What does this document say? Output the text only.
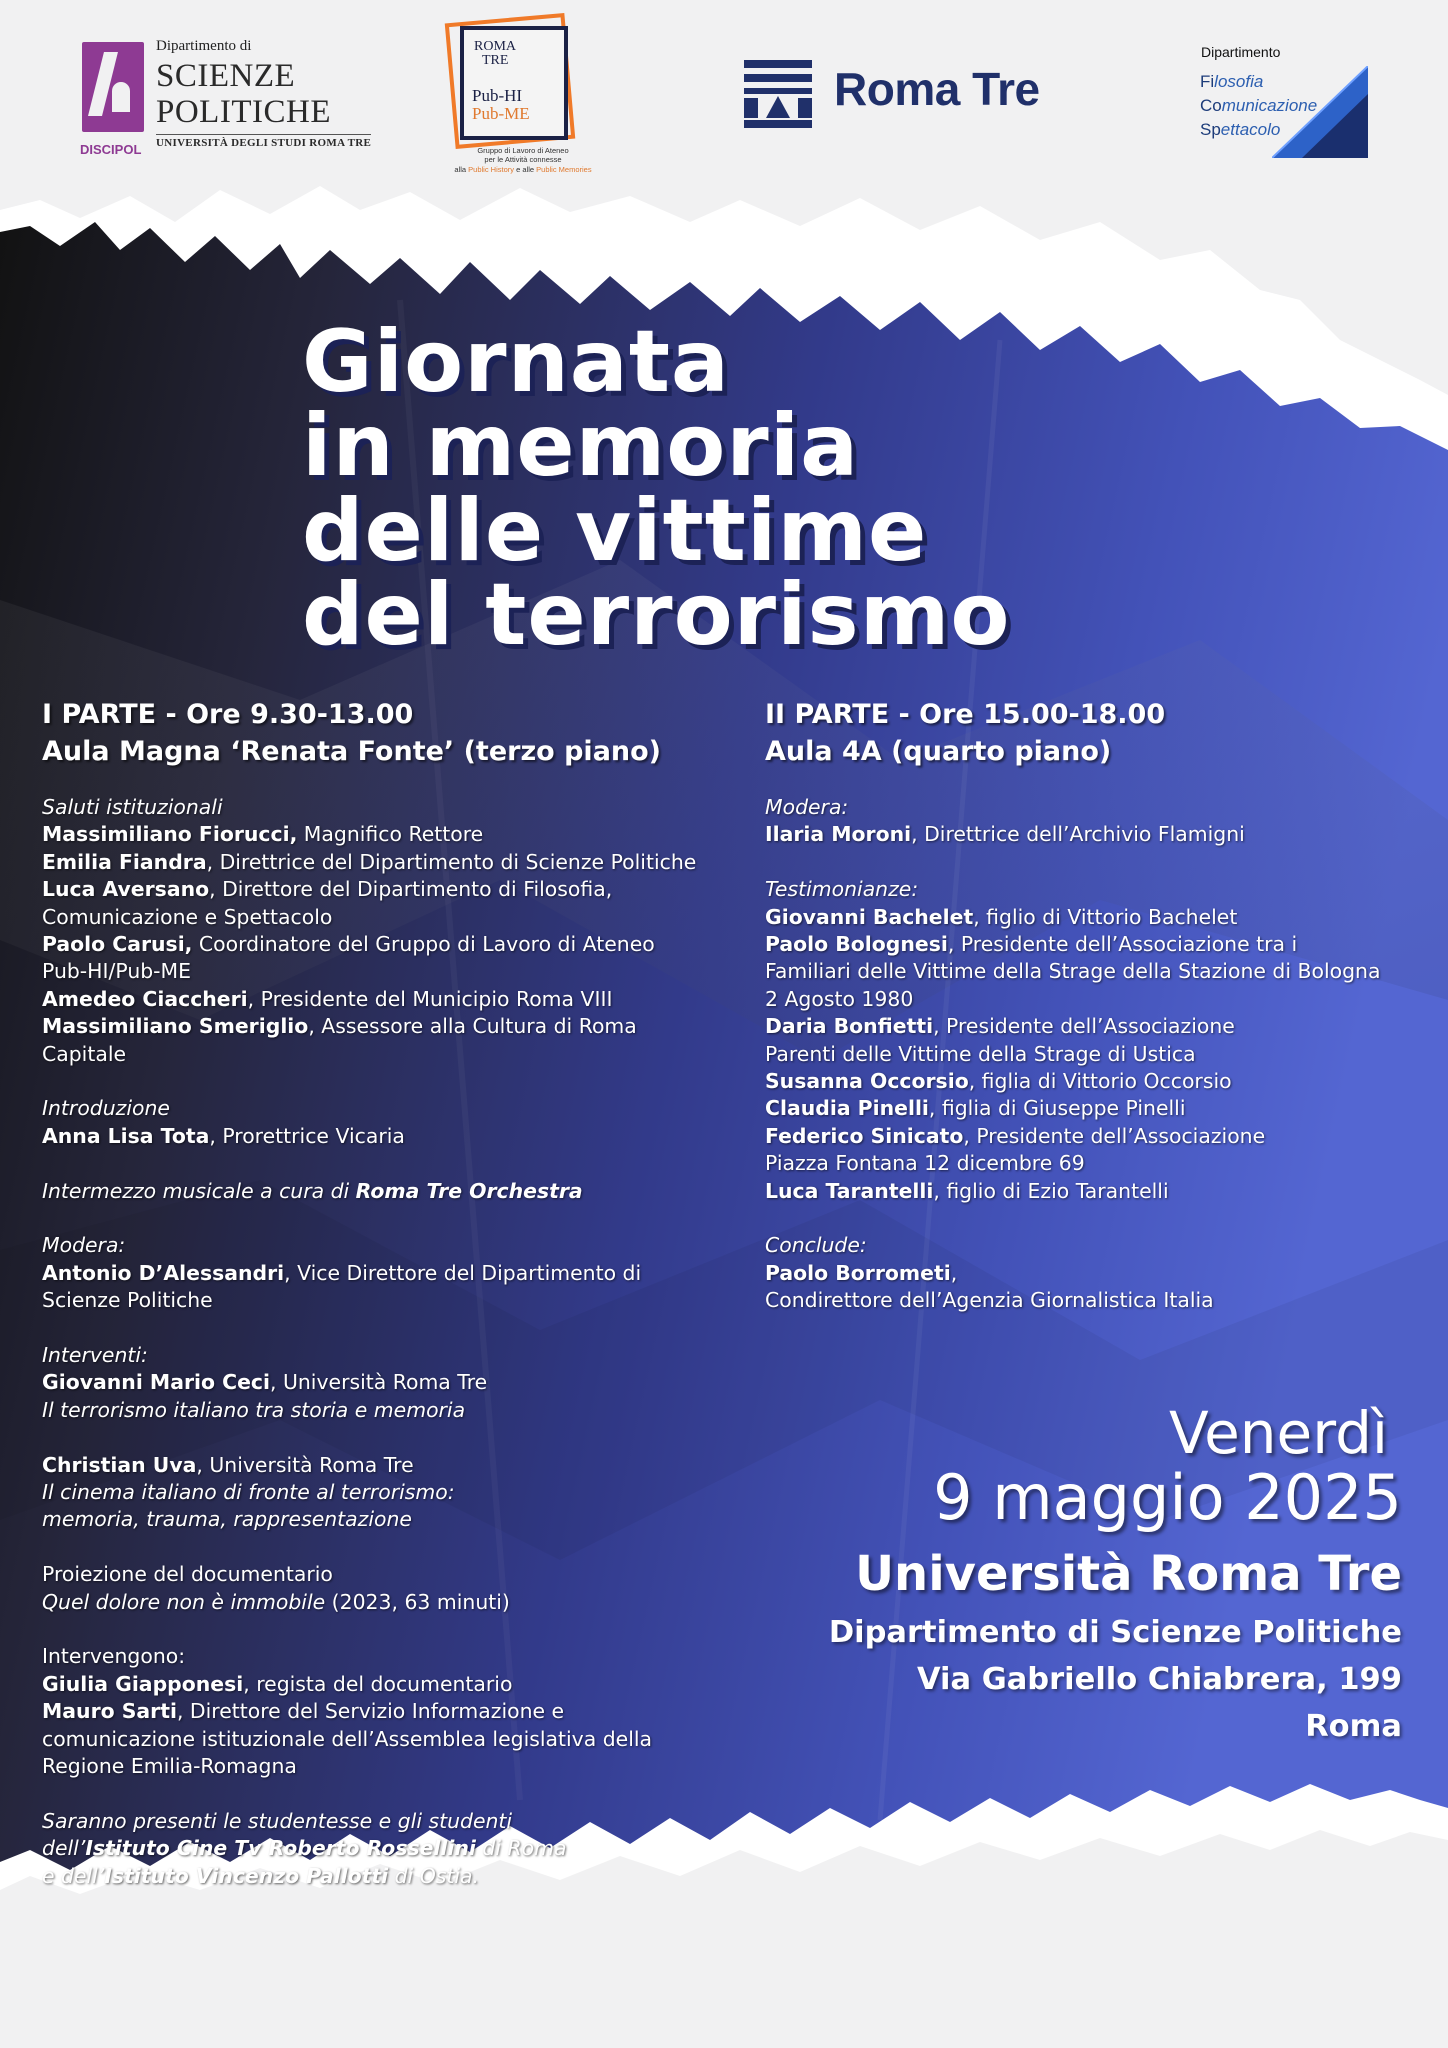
DISCIPOL
Dipartimento di
SCIENZE
POLITICHE
UNIVERSITÀ DEGLI STUDI ROMA TRE
ROMA
TRE
Pub-HI
Pub-ME
Gruppo di Lavoro di Ateneo
per le Attività connesse
alla Public History e alle Public Memories
Roma Tre
Dipartimento
Filosofia
Comunicazione
Spettacolo
Giornata
in memoria
delle vittime
del terrorismo
I PARTE - Ore 9.30-13.00
Aula Magna ‘Renata Fonte’ (terzo piano)

Saluti istituzionali

Massimiliano Fiorucci, Magnifico Rettore

Emilia Fiandra, Direttrice del Dipartimento di Scienze Politiche

Luca Aversano, Direttore del Dipartimento di Filosofia,

Comunicazione e Spettacolo

Paolo Carusi, Coordinatore del Gruppo di Lavoro di Ateneo

Pub-HI/Pub-ME

Amedeo Ciaccheri, Presidente del Municipio Roma VIII

Massimiliano Smeriglio, Assessore alla Cultura di Roma

Capitale

Introduzione

Anna Lisa Tota, Prorettrice Vicaria

Intermezzo musicale a cura di Roma Tre Orchestra

Modera:

Antonio D’Alessandri, Vice Direttore del Dipartimento di

Scienze Politiche

Interventi:

Giovanni Mario Ceci, Università Roma Tre

Il terrorismo italiano tra storia e memoria

Christian Uva, Università Roma Tre

Il cinema italiano di fronte al terrorismo:

memoria, trauma, rappresentazione

Proiezione del documentario

Quel dolore non è immobile (2023, 63 minuti)

Intervengono:

Giulia Giapponesi, regista del documentario

Mauro Sarti, Direttore del Servizio Informazione e

comunicazione istituzionale dell’Assemblea legislativa della

Regione Emilia-Romagna

Saranno presenti le studentesse e gli studenti

dell’Istituto Cine Tv Roberto Rossellini di Roma

e dell’Istituto Vincenzo Pallotti di Ostia.

II PARTE - Ore 15.00-18.00
Aula 4A (quarto piano)

Modera:

Ilaria Moroni, Direttrice dell’Archivio Flamigni

Testimonianze:

Giovanni Bachelet, figlio di Vittorio Bachelet

Paolo Bolognesi, Presidente dell’Associazione tra i

Familiari delle Vittime della Strage della Stazione di Bologna

2 Agosto 1980

Daria Bonfietti, Presidente dell’Associazione

Parenti delle Vittime della Strage di Ustica

Susanna Occorsio, figlia di Vittorio Occorsio

Claudia Pinelli, figlia di Giuseppe Pinelli

Federico Sinicato, Presidente dell’Associazione

Piazza Fontana 12 dicembre 69

Luca Tarantelli, figlio di Ezio Tarantelli

Conclude:

Paolo Borrometi,

Condirettore dell’Agenzia Giornalistica Italia

Venerdì
9 maggio 2025
Università Roma Tre
Dipartimento di Scienze Politiche
Via Gabriello Chiabrera, 199
Roma
